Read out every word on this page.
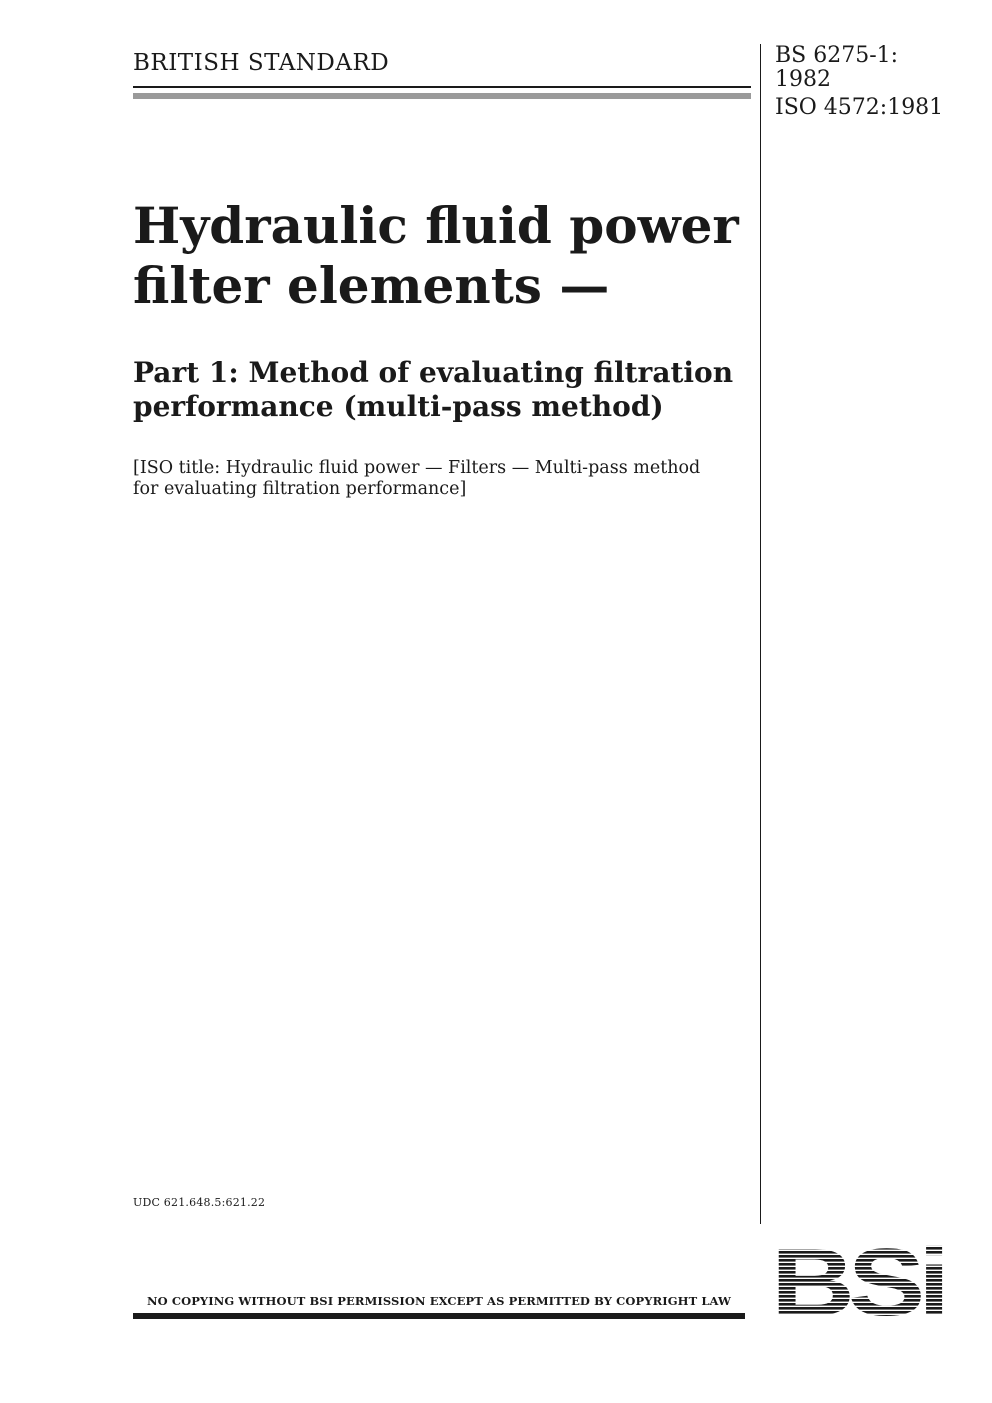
BRITISH STANDARD	BS 6275-1:
1982
ISO 4572:1981
Hydraulic fluid power
filter elements —
Part 1: Method of evaluating filtration
performance (multi-pass method)
[ISO title: Hydraulic fluid power — Filters — Multi-pass method
for evaluating filtration performance]
UDC 621.648.5:621.22
NO COPYING WITHOUT BSI PERMISSION EXCEPT AS PERMITTED BY COPYRIGHT LAW
